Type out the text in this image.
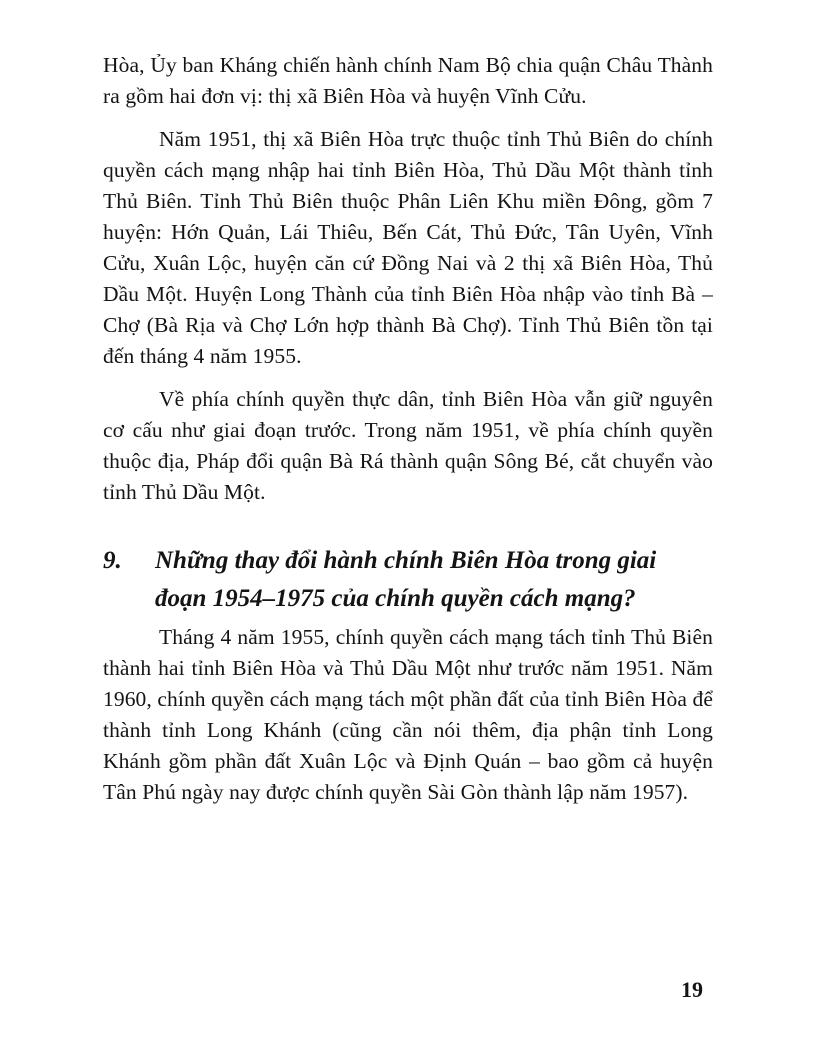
Hòa, Ủy ban Kháng chiến hành chính Nam Bộ chia quận Châu Thành ra gồm hai đơn vị: thị xã Biên Hòa và huyện Vĩnh Cửu.

Năm 1951, thị xã Biên Hòa trực thuộc tỉnh Thủ Biên do chính quyền cách mạng nhập hai tỉnh Biên Hòa, Thủ Dầu Một thành tỉnh Thủ Biên. Tỉnh Thủ Biên thuộc Phân Liên Khu miền Đông, gồm 7 huyện: Hớn Quản, Lái Thiêu, Bến Cát, Thủ Đức, Tân Uyên, Vĩnh Cửu, Xuân Lộc, huyện căn cứ Đồng Nai và 2 thị xã Biên Hòa, Thủ Dầu Một. Huyện Long Thành của tỉnh Biên Hòa nhập vào tỉnh Bà – Chợ (Bà Rịa và Chợ Lớn hợp thành Bà Chợ). Tỉnh Thủ Biên tồn tại đến tháng 4 năm 1955.

Về phía chính quyền thực dân, tỉnh Biên Hòa vẫn giữ nguyên cơ cấu như giai đoạn trước. Trong năm 1951, về phía chính quyền thuộc địa, Pháp đổi quận Bà Rá thành quận Sông Bé, cắt chuyển vào tỉnh Thủ Dầu Một.

9.	Những thay đổi hành chính Biên Hòa trong giai đoạn 1954–1975 của chính quyền cách mạng?

Tháng 4 năm 1955, chính quyền cách mạng tách tỉnh Thủ Biên thành hai tỉnh Biên Hòa và Thủ Dầu Một như trước năm 1951. Năm 1960, chính quyền cách mạng tách một phần đất của tỉnh Biên Hòa để thành tỉnh Long Khánh (cũng cần nói thêm, địa phận tỉnh Long Khánh gồm phần đất Xuân Lộc và Định Quán – bao gồm cả huyện Tân Phú ngày nay được chính quyền Sài Gòn thành lập năm 1957).

19
